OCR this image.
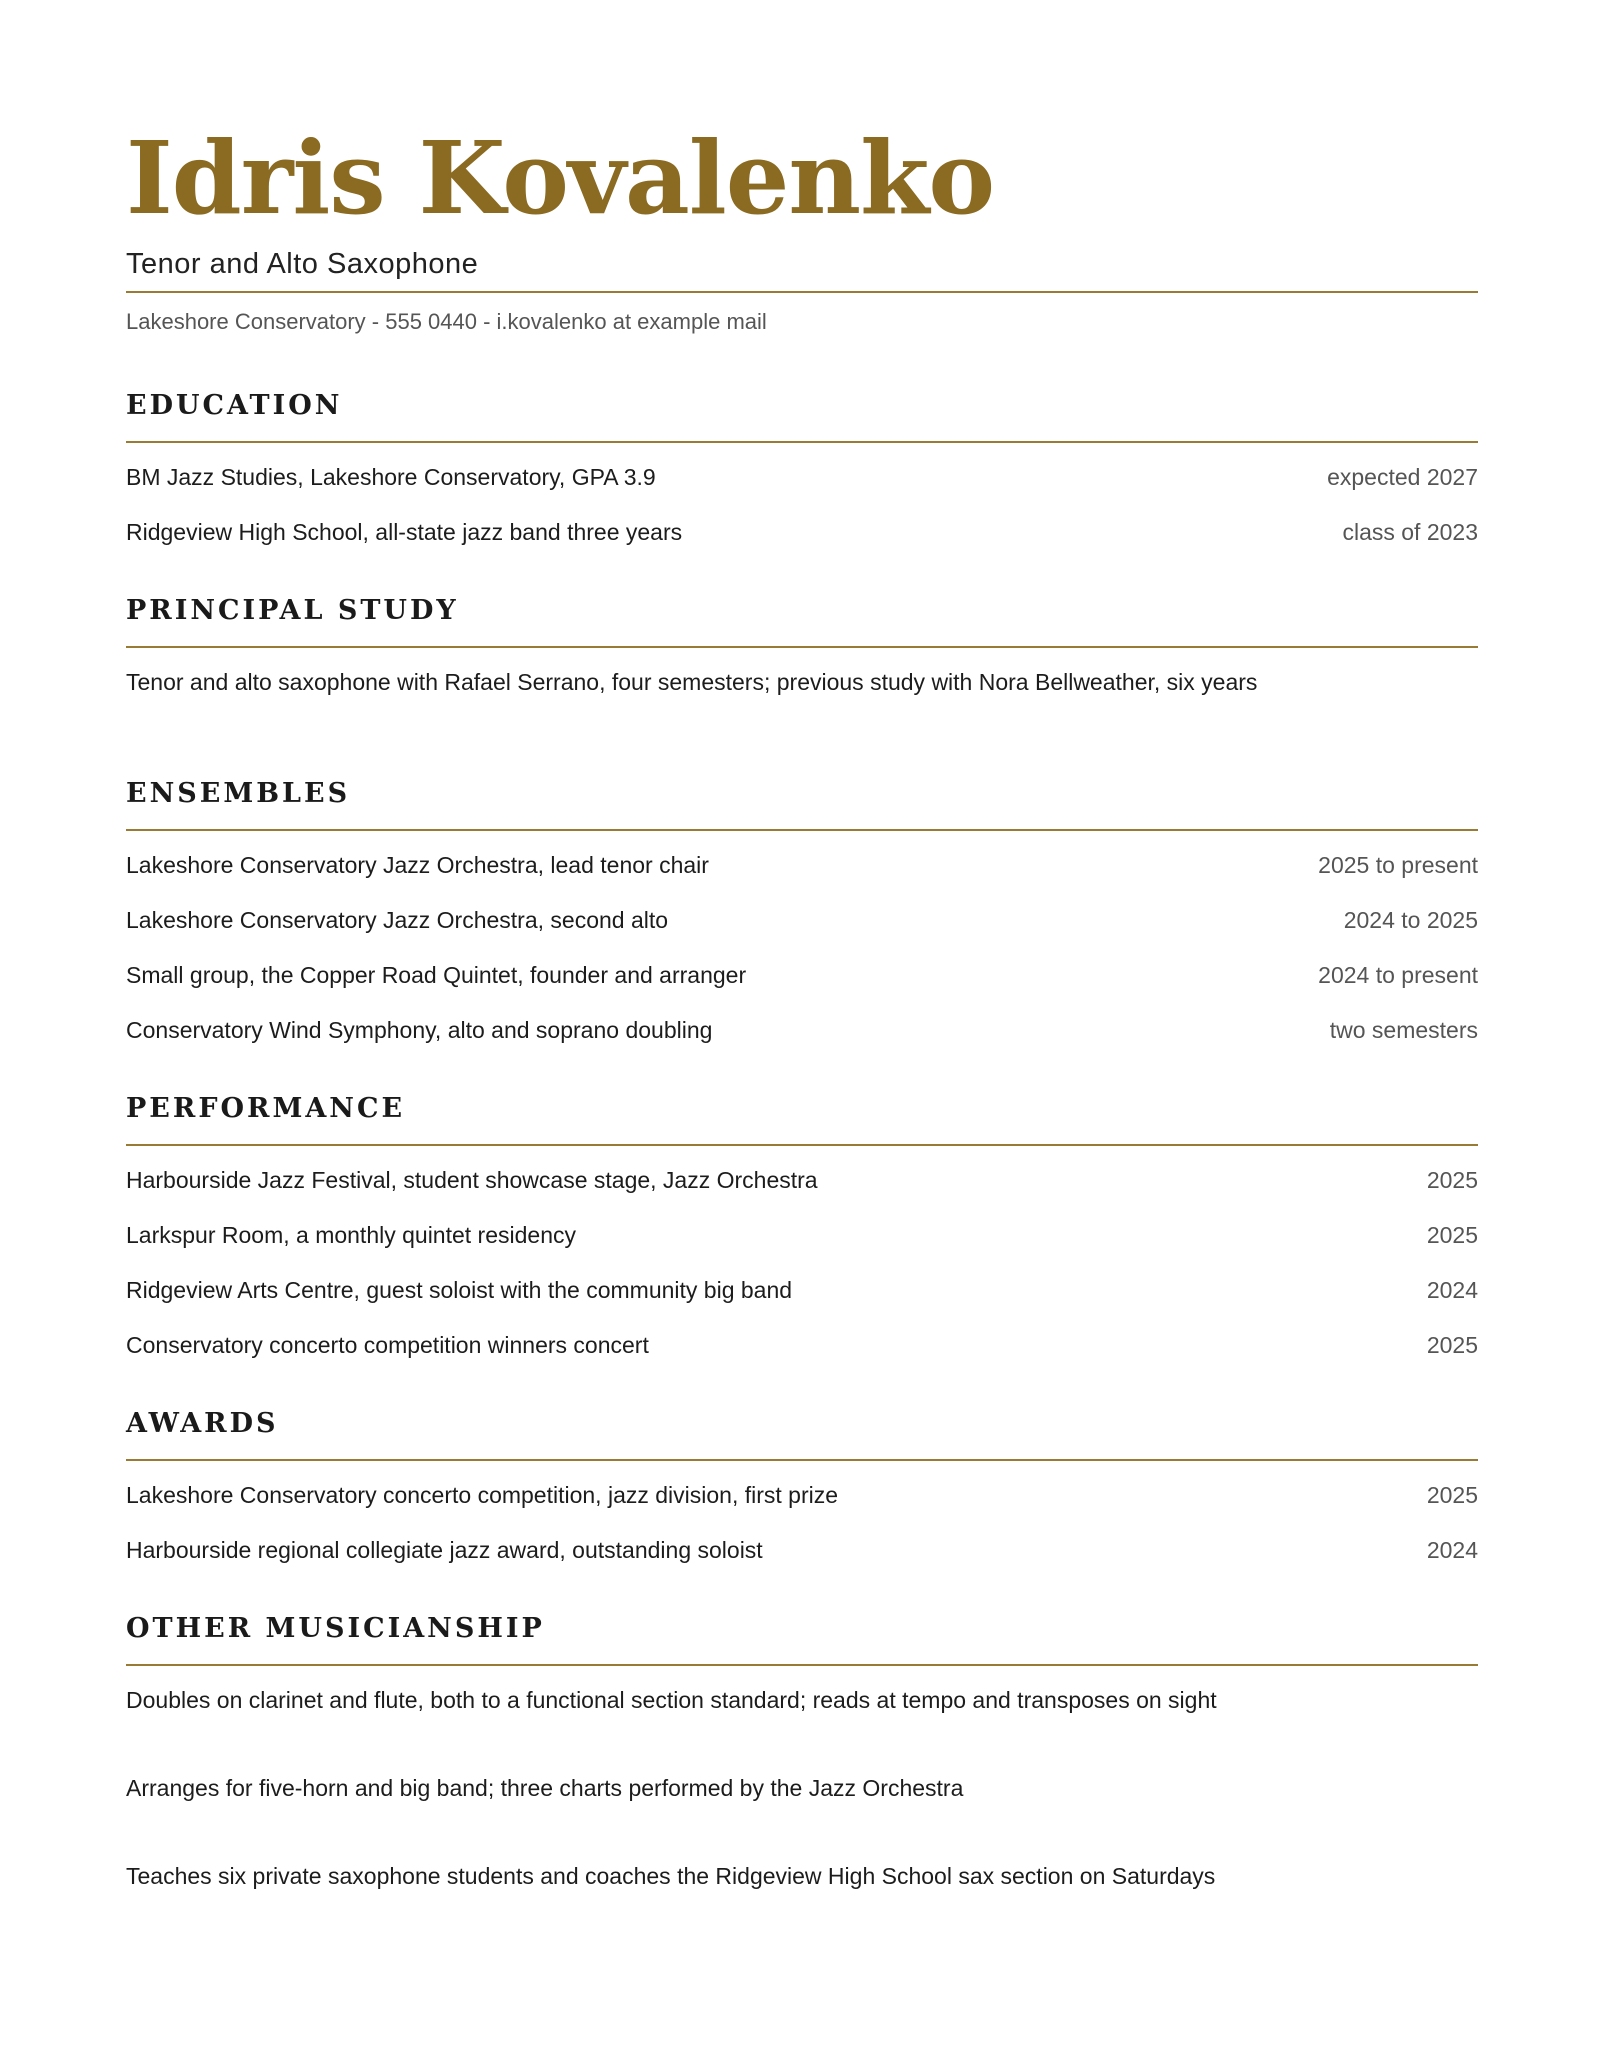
Idris Kovalenko
Tenor and Alto Saxophone
Lakeshore Conservatory - 555 0440 - i.kovalenko at example mail
EDUCATION
BM Jazz Studies, Lakeshore Conservatory, GPA 3.9	expected 2027
Ridgeview High School, all-state jazz band three years	class of 2023
PRINCIPAL STUDY
Tenor and alto saxophone with Rafael Serrano, four semesters; previous study with Nora Bellweather, six years
ENSEMBLES
Lakeshore Conservatory Jazz Orchestra, lead tenor chair	2025 to present
Lakeshore Conservatory Jazz Orchestra, second alto	2024 to 2025
Small group, the Copper Road Quintet, founder and arranger	2024 to present
Conservatory Wind Symphony, alto and soprano doubling	two semesters
PERFORMANCE
Harbourside Jazz Festival, student showcase stage, Jazz Orchestra	2025
Larkspur Room, a monthly quintet residency	2025
Ridgeview Arts Centre, guest soloist with the community big band	2024
Conservatory concerto competition winners concert	2025
AWARDS
Lakeshore Conservatory concerto competition, jazz division, first prize	2025
Harbourside regional collegiate jazz award, outstanding soloist	2024
OTHER MUSICIANSHIP
Doubles on clarinet and flute, both to a functional section standard; reads at tempo and transposes on sight
Arranges for five-horn and big band; three charts performed by the Jazz Orchestra
Teaches six private saxophone students and coaches the Ridgeview High School sax section on Saturdays
